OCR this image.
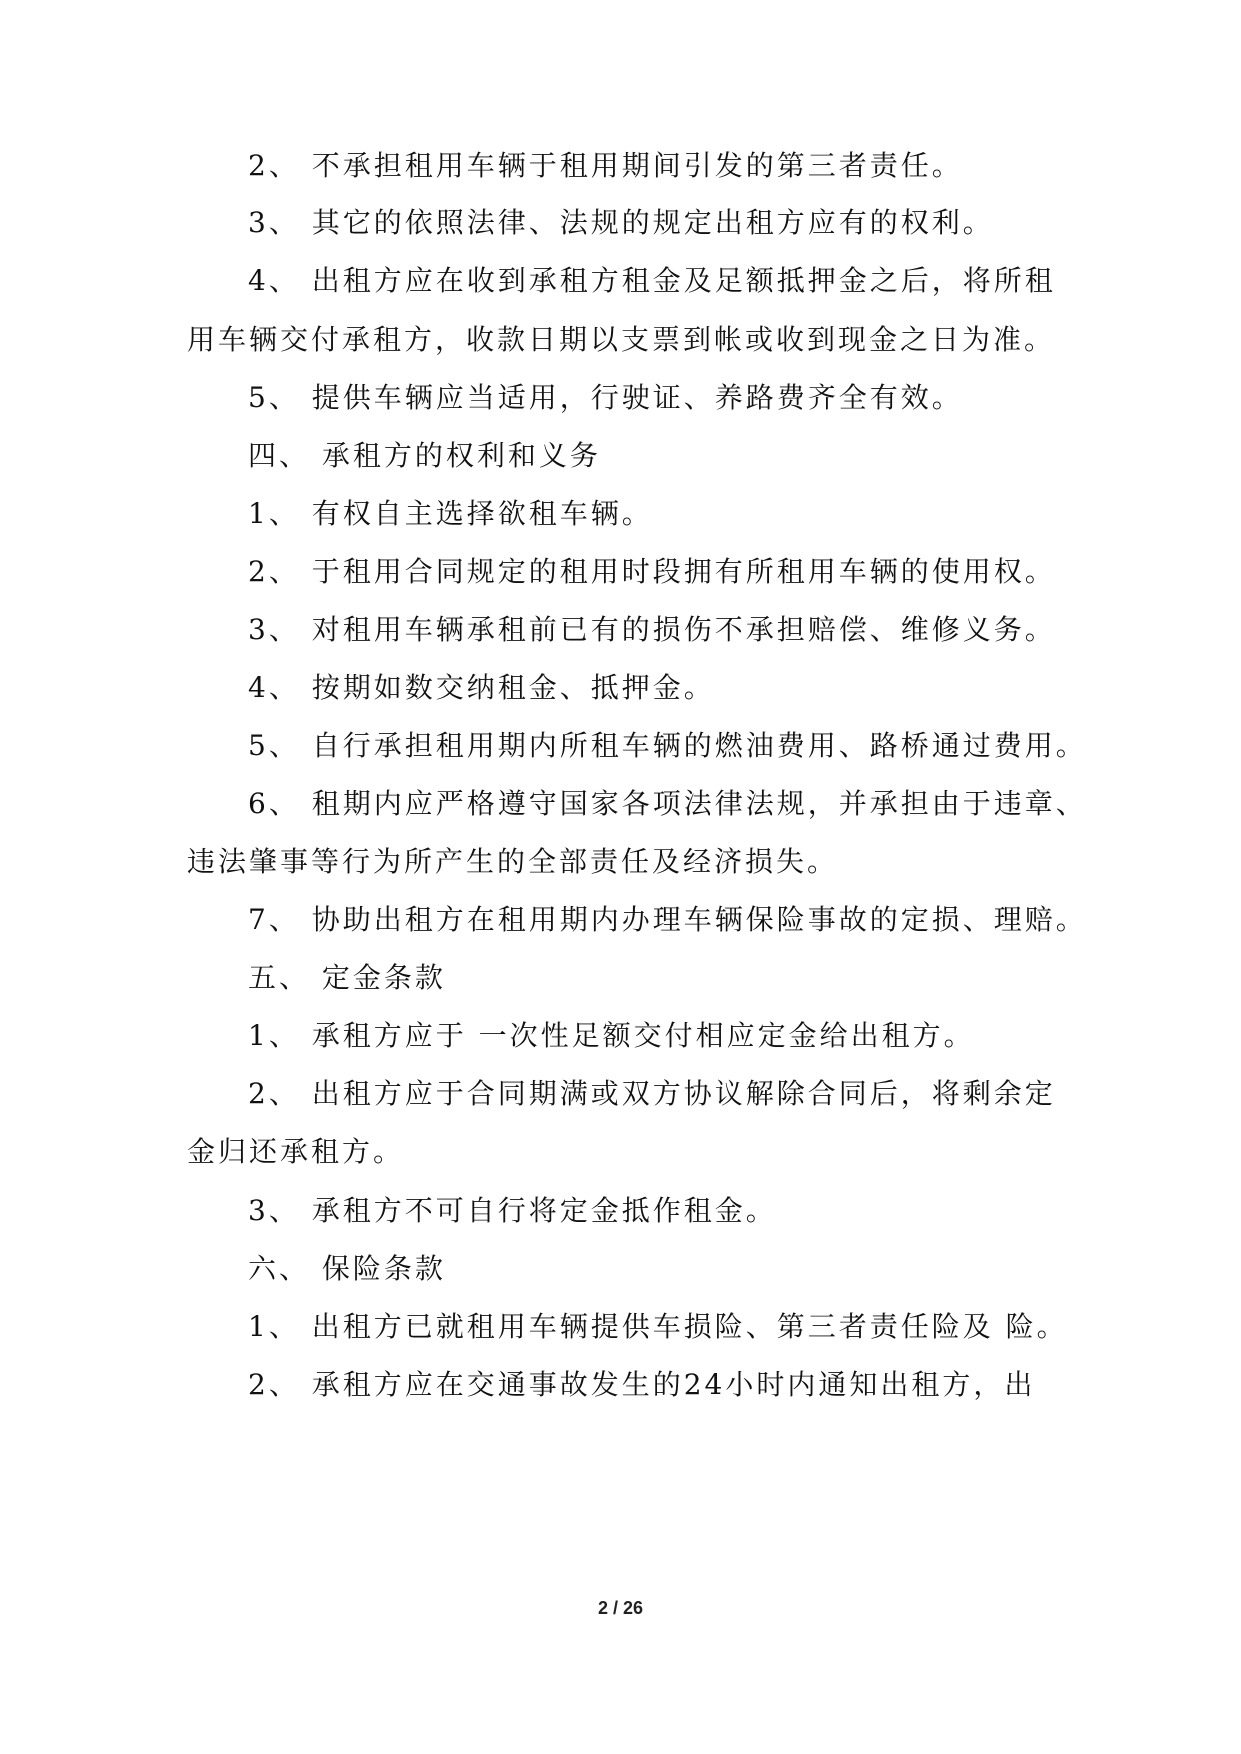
2、 不承担租用车辆于租用期间引发的第三者责任。
3、 其它的依照法律、法规的规定出租方应有的权利。
4、 出租方应在收到承租方租金及足额抵押金之后，将所租
用车辆交付承租方，收款日期以支票到帐或收到现金之日为准。
5、 提供车辆应当适用，行驶证、养路费齐全有效。
四、 承租方的权利和义务
1、 有权自主选择欲租车辆。
2、 于租用合同规定的租用时段拥有所租用车辆的使用权。
3、 对租用车辆承租前已有的损伤不承担赔偿、维修义务。
4、 按期如数交纳租金、抵押金。
5、 自行承担租用期内所租车辆的燃油费用、路桥通过费用。
6、 租期内应严格遵守国家各项法律法规，并承担由于违章、
违法肇事等行为所产生的全部责任及经济损失。
7、 协助出租方在租用期内办理车辆保险事故的定损、理赔。
五、 定金条款
1、 承租方应于 一次性足额交付相应定金给出租方。
2、 出租方应于合同期满或双方协议解除合同后，将剩余定
金归还承租方。
3、 承租方不可自行将定金抵作租金。
六、 保险条款
1、 出租方已就租用车辆提供车损险、第三者责任险及 险。
2、 承租方应在交通事故发生的24小时内通知出租方，出
2 / 26
